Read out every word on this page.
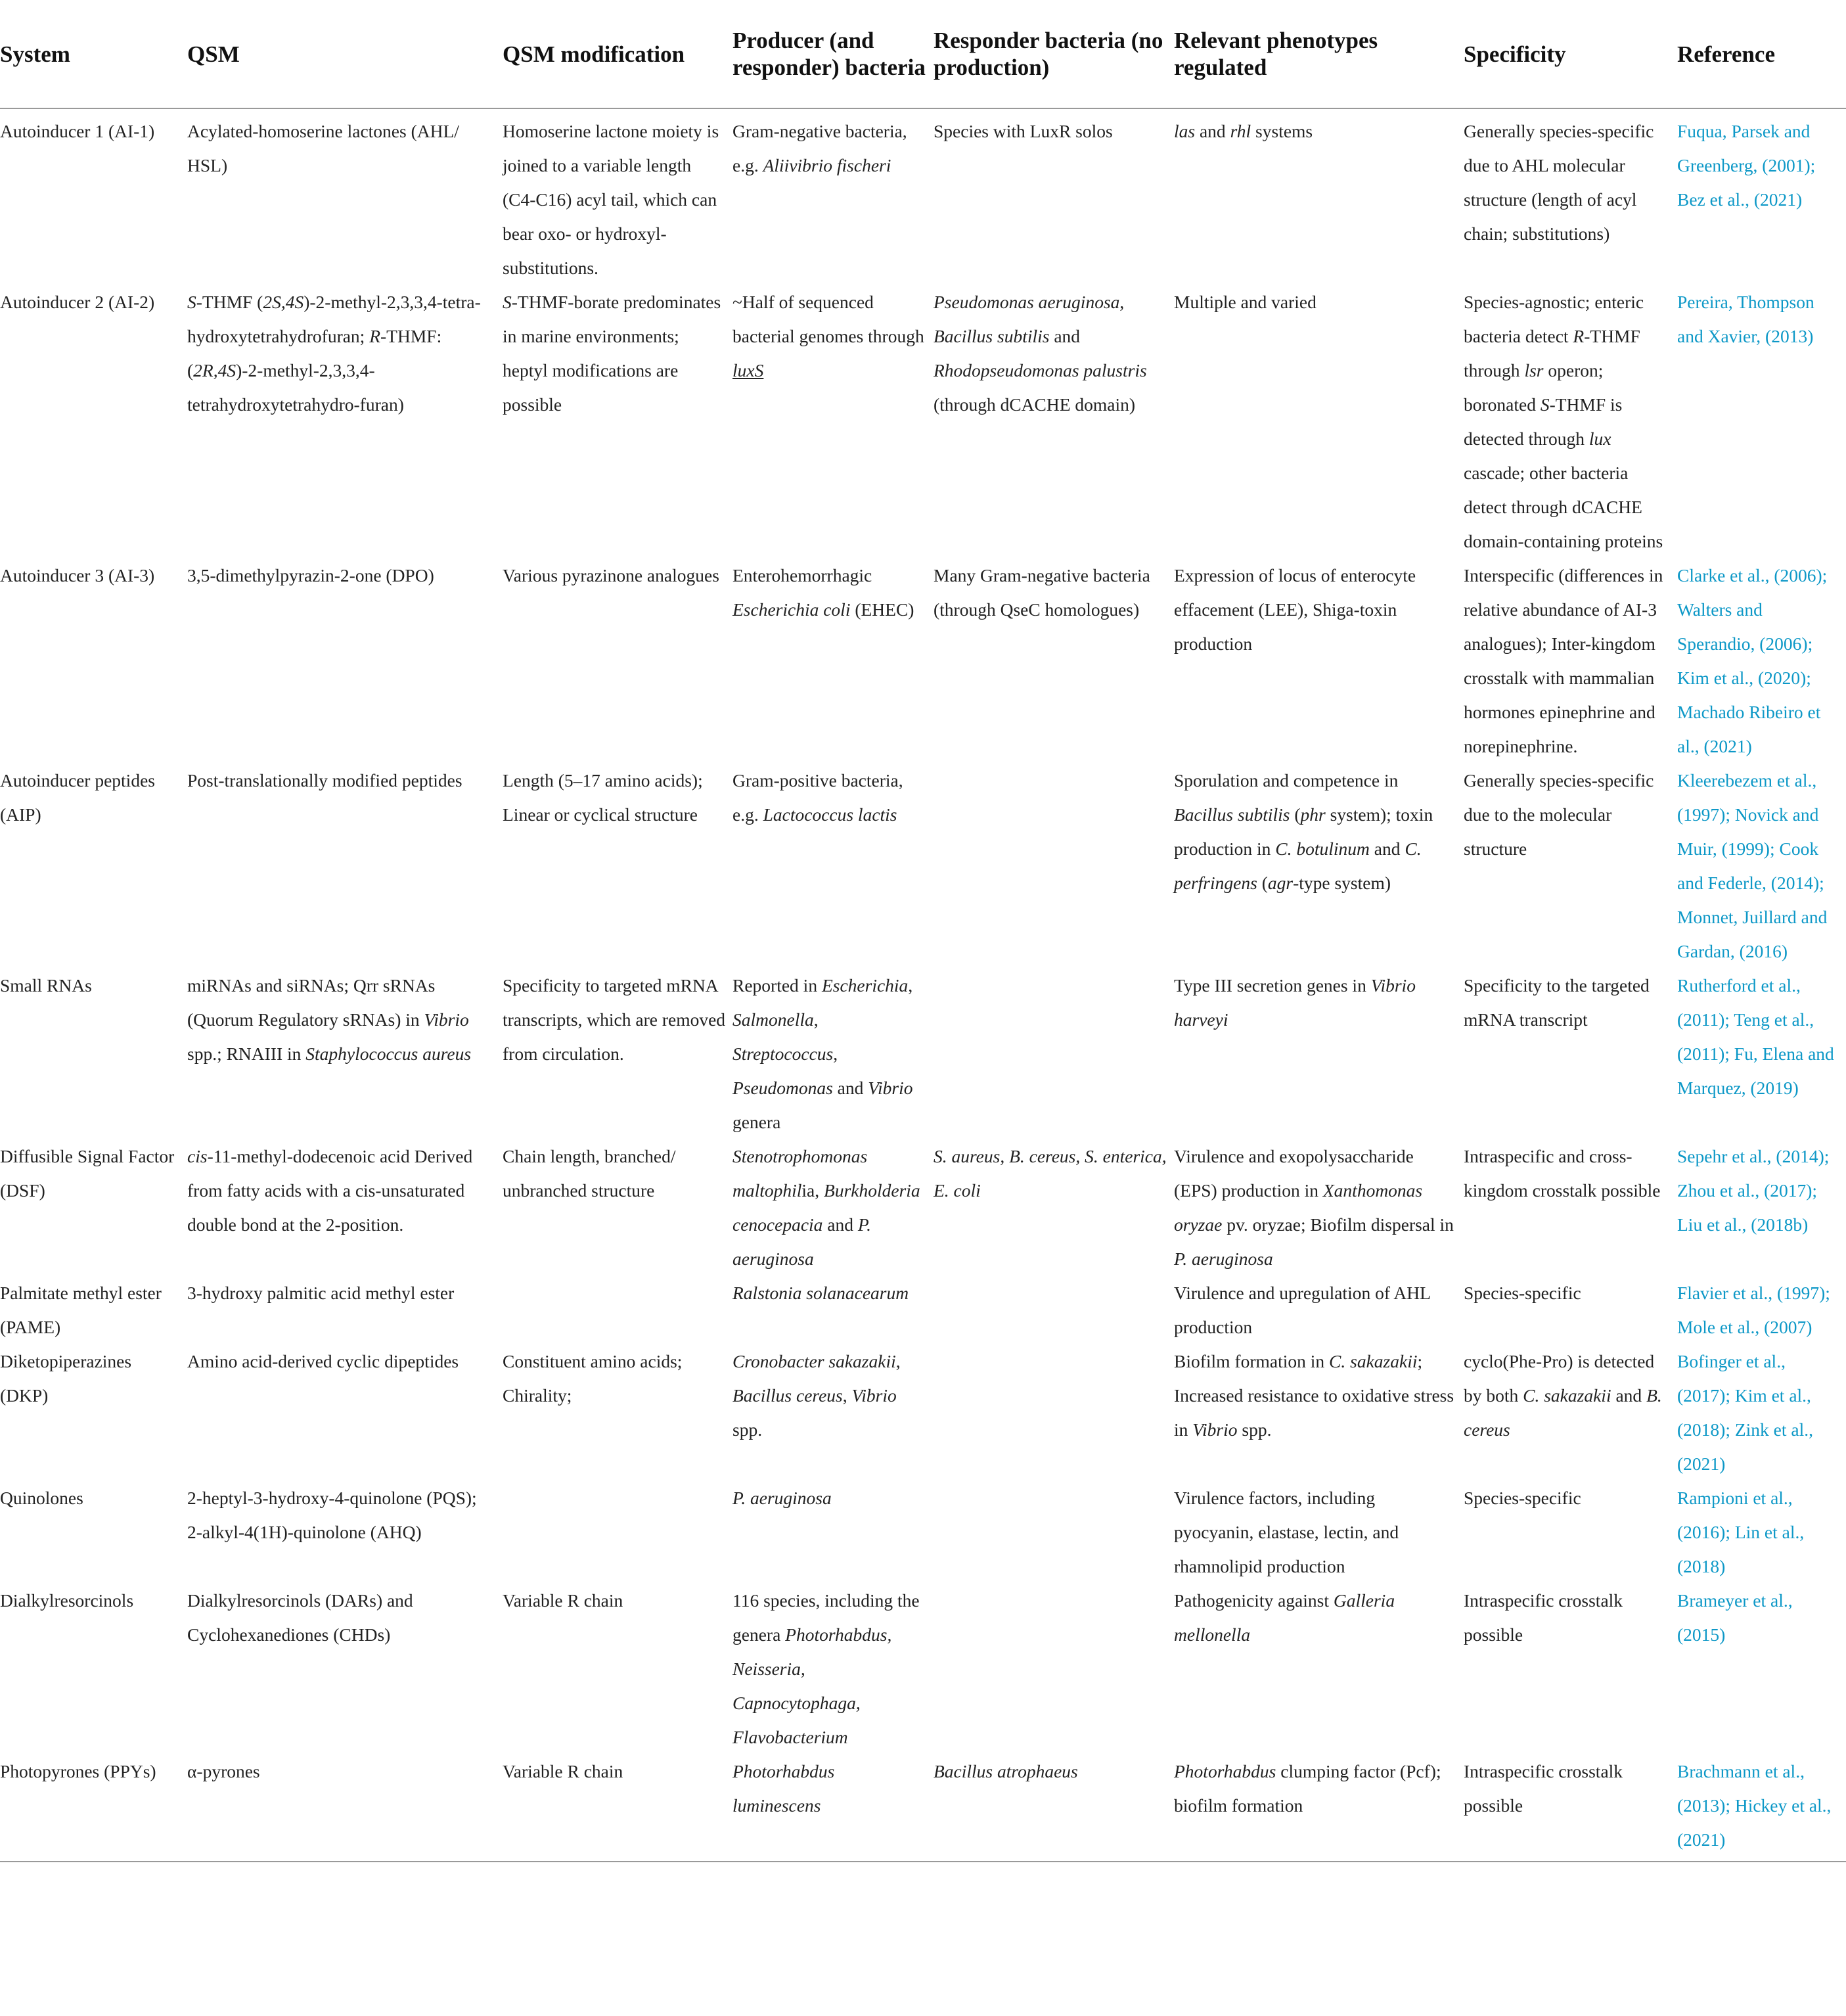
System	QSM	QSM modification	Producer (and responder) bacteria	Responder bacteria (no production)	Relevant phenotypes regulated	Specificity	Reference
Autoinducer 1 (AI-1)	Acylated-homoserine lactones (AHL/ HSL)	Homoserine lactone moiety is joined to a variable length (C4-C16) acyl tail, which can bear oxo- or hydroxyl- substitutions.	Gram-negative bacteria, e.g. Aliivibrio fischeri	Species with LuxR solos	las and rhl systems	Generally species-specific due to AHL molecular structure (length of acyl chain; substitutions)	Fuqua, Parsek and Greenberg, (2001); Bez et al., (2021)
Autoinducer 2 (AI-2)	S-THMF (2S,4S)-2-methyl-2,3,3,4-tetra-hydroxytetrahydrofuran; R-THMF: (2R,4S)-2-methyl-2,3,3,4-tetrahydroxytetrahydro-furan)	S-THMF-borate predominates in marine environments; heptyl modifications are possible	~Half of sequenced bacterial genomes through luxS	Pseudomonas aeruginosa, Bacillus subtilis and Rhodopseudomonas palustris (through dCACHE domain)	Multiple and varied	Species-agnostic; enteric bacteria detect R-THMF through lsr operon; boronated S-THMF is detected through lux cascade; other bacteria detect through dCACHE domain-containing proteins	Pereira, Thompson and Xavier, (2013)
Autoinducer 3 (AI-3)	3,5-dimethylpyrazin-2-one (DPO)	Various pyrazinone analogues	Enterohemorrhagic Escherichia coli (EHEC)	Many Gram-negative bacteria (through QseC homologues)	Expression of locus of enterocyte effacement (LEE), Shiga-toxin production	Interspecific (differences in relative abundance of AI-3 analogues); Inter-kingdom crosstalk with mammalian hormones epinephrine and norepinephrine.	Clarke et al., (2006); Walters and Sperandio, (2006); Kim et al., (2020); Machado Ribeiro et al., (2021)
Autoinducer peptides (AIP)	Post-translationally modified peptides	Length (5–17 amino acids); Linear or cyclical structure	Gram-positive bacteria, e.g. Lactococcus lactis		Sporulation and competence in Bacillus subtilis (phr system); toxin production in C. botulinum and C. perfringens (agr-type system)	Generally species-specific due to the molecular structure	Kleerebezem et al., (1997); Novick and Muir, (1999); Cook and Federle, (2014); Monnet, Juillard and Gardan, (2016)
Small RNAs	miRNAs and siRNAs; Qrr sRNAs (Quorum Regulatory sRNAs) in Vibrio spp.; RNAIII in Staphylococcus aureus	Specificity to targeted mRNA transcripts, which are removed from circulation.	Reported in Escherichia, Salmonella, Streptococcus, Pseudomonas and Vibrio genera		Type III secretion genes in Vibrio harveyi	Specificity to the targeted mRNA transcript	Rutherford et al., (2011); Teng et al., (2011); Fu, Elena and Marquez, (2019)
Diffusible Signal Factor (DSF)	cis-11-methyl-dodecenoic acid Derived from fatty acids with a cis-unsaturated double bond at the 2-position.	Chain length, branched/ unbranched structure	Stenotrophomonas maltophilia, Burkholderia cenocepacia and P. aeruginosa	S. aureus, B. cereus, S. enterica, E. coli	Virulence and exopolysaccharide (EPS) production in Xanthomonas oryzae pv. oryzae; Biofilm dispersal in P. aeruginosa	Intraspecific and cross-kingdom crosstalk possible	Sepehr et al., (2014); Zhou et al., (2017); Liu et al., (2018b)
Palmitate methyl ester (PAME)	3-hydroxy palmitic acid methyl ester		Ralstonia solanacearum		Virulence and upregulation of AHL production	Species-specific	Flavier et al., (1997); Mole et al., (2007)
Diketopiperazines (DKP)	Amino acid-derived cyclic dipeptides	Constituent amino acids; Chirality;	Cronobacter sakazakii, Bacillus cereus, Vibrio spp.		Biofilm formation in C. sakazakii; Increased resistance to oxidative stress in Vibrio spp.	cyclo(Phe-Pro) is detected by both C. sakazakii and B. cereus	Bofinger et al., (2017); Kim et al., (2018); Zink et al., (2021)
Quinolones	2-heptyl-3-hydroxy-4-quinolone (PQS); 2-alkyl-4(1H)-quinolone (AHQ)		P. aeruginosa		Virulence factors, including pyocyanin, elastase, lectin, and rhamnolipid production	Species-specific	Rampioni et al., (2016); Lin et al., (2018)
Dialkylresorcinols	Dialkylresorcinols (DARs) and Cyclohexanediones (CHDs)	Variable R chain	116 species, including the genera Photorhabdus, Neisseria, Capnocytophaga, Flavobacterium		Pathogenicity against Galleria mellonella	Intraspecific crosstalk possible	Brameyer et al., (2015)
Photopyrones (PPYs)	α-pyrones	Variable R chain	Photorhabdus luminescens	Bacillus atrophaeus	Photorhabdus clumping factor (Pcf); biofilm formation	Intraspecific crosstalk possible	Brachmann et al., (2013); Hickey et al., (2021)
